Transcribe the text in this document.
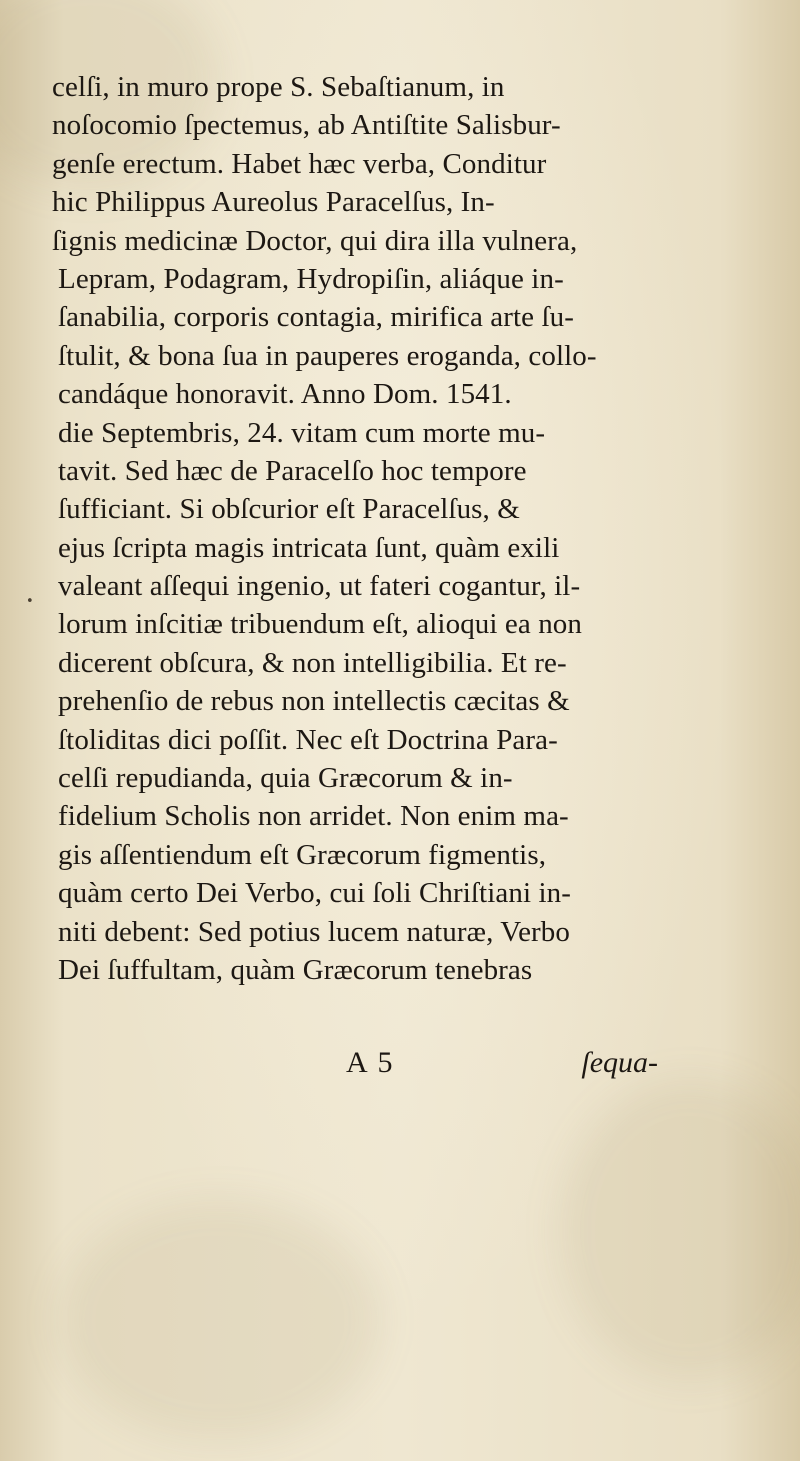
•
celſi, in muro prope S. Sebaſtianum, in
noſocomio ſpectemus, ab Antiſtite Salisbur-
genſe erectum. Habet hæc verba, Conditur
hic Philippus Aureolus Paracelſus, In-
ſignis medicinæ Doctor, qui dira illa vulnera,
Lepram, Podagram, Hydropiſin, aliáque in-
ſanabilia, corporis contagia, mirifica arte ſu-
ſtulit, & bona ſua in pauperes eroganda, collo-
candáque honoravit. Anno Dom. 1541.
die Septembris, 24. vitam cum morte mu-
tavit. Sed hæc de Paracelſo hoc tempore
ſufficiant. Si obſcurior eſt Paracelſus, &
ejus ſcripta magis intricata ſunt, quàm exili
valeant aſſequi ingenio, ut fateri cogantur, il-
lorum inſcitiæ tribuendum eſt, alioqui ea non
dicerent obſcura, & non intelligibilia. Et re-
prehenſio de rebus non intellectis cæcitas &
ſtoliditas dici poſſit. Nec eſt Doctrina Para-
celſi repudianda, quia Græcorum & in-
fidelium Scholis non arridet. Non enim ma-
gis aſſentiendum eſt Græcorum figmentis,
quàm certo Dei Verbo, cui ſoli Chriſtiani in-
niti debent: Sed potius lucem naturæ, Verbo
Dei ſuffultam, quàm Græcorum tenebras
A 5	ſequa-
